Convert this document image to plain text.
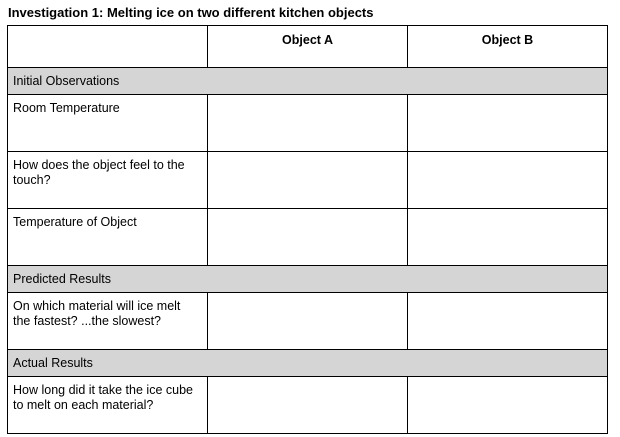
Investigation 1: Melting ice on two different kitchen objects
	Object A	Object B

Initial Observations		

Room Temperature		

How does the object feel to the touch?		

Temperature of Object		

Predicted Results		

On which material will ice melt the fastest? ...the slowest?		

Actual Results		

How long did it take the ice cube to melt on each material?		
